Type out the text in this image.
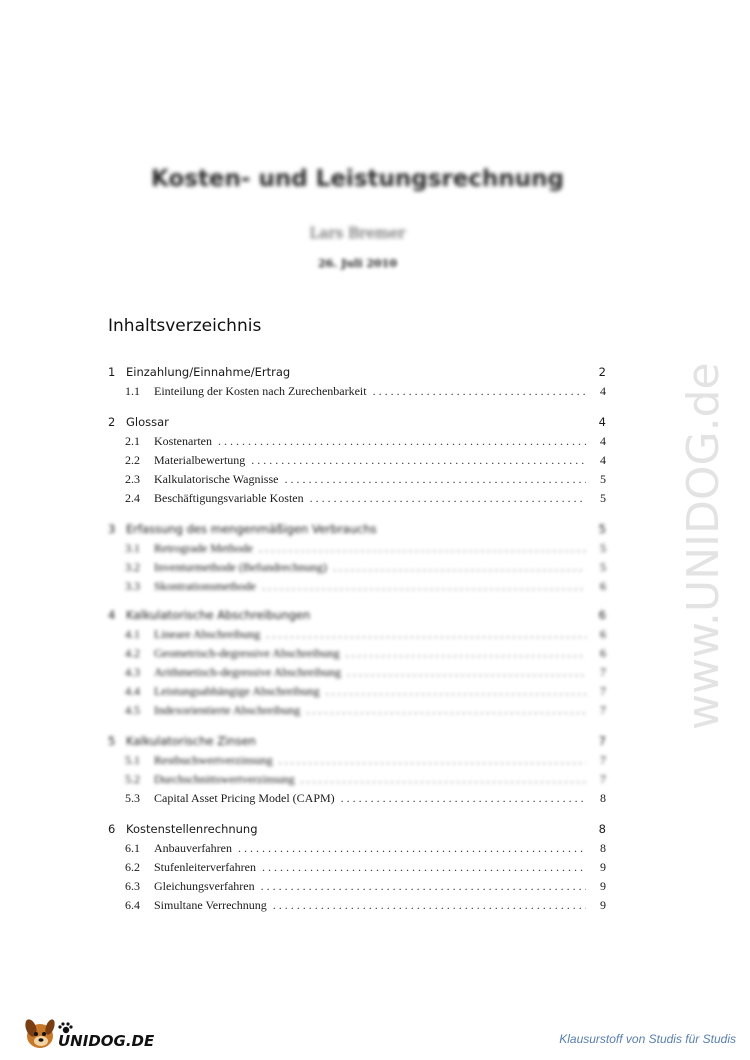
Kosten- und Leistungsrechnung
Lars Bremer
26. Juli 2010
Inhaltsverzeichnis
1 Einzahlung/Einnahme/Ertrag	2
1.1	Einteilung der Kosten nach Zurechenbarkeit . . .	4
2 Glossar	4
2.1	Kostenarten . . .	4
2.2	Materialbewertung . . .	4
2.3	Kalkulatorische Wagnisse . . .	5
2.4	Beschäftigungsvariable Kosten . . .	5
3 Erfassung des mengenmäßigen Verbrauchs	5
3.1	Retrograde Methode . . .	5
3.2	Inventurmethode (Befundrechnung) . . .	5
3.3	Skontrationsmethode . . .	6
4 Kalkulatorische Abschreibungen	6
4.1	Lineare Abschreibung . . .	6
4.2	Geometrisch-degressive Abschreibung . . .	6
4.3	Arithmetisch-degressive Abschreibung . . .	7
4.4	Leistungsabhängige Abschreibung . . .	7
4.5	Indexorientierte Abschreibung . . .	7
5 Kalkulatorische Zinsen	7
5.1	Restbuchwertverzinsung . . .	7
5.2	Durchschnittswertverzinsung . . .	7
5.3	Capital Asset Pricing Model (CAPM) . . .	8
6 Kostenstellenrechnung	8
6.1	Anbauverfahren . . .	8
6.2	Stufenleiterverfahren . . .	9
6.3	Gleichungsverfahren . . .	9
6.4	Simultane Verrechnung . . .	9
www.UNIDOG.de
UNIDOG.DE	Klausurstoff von Studis für Studis
